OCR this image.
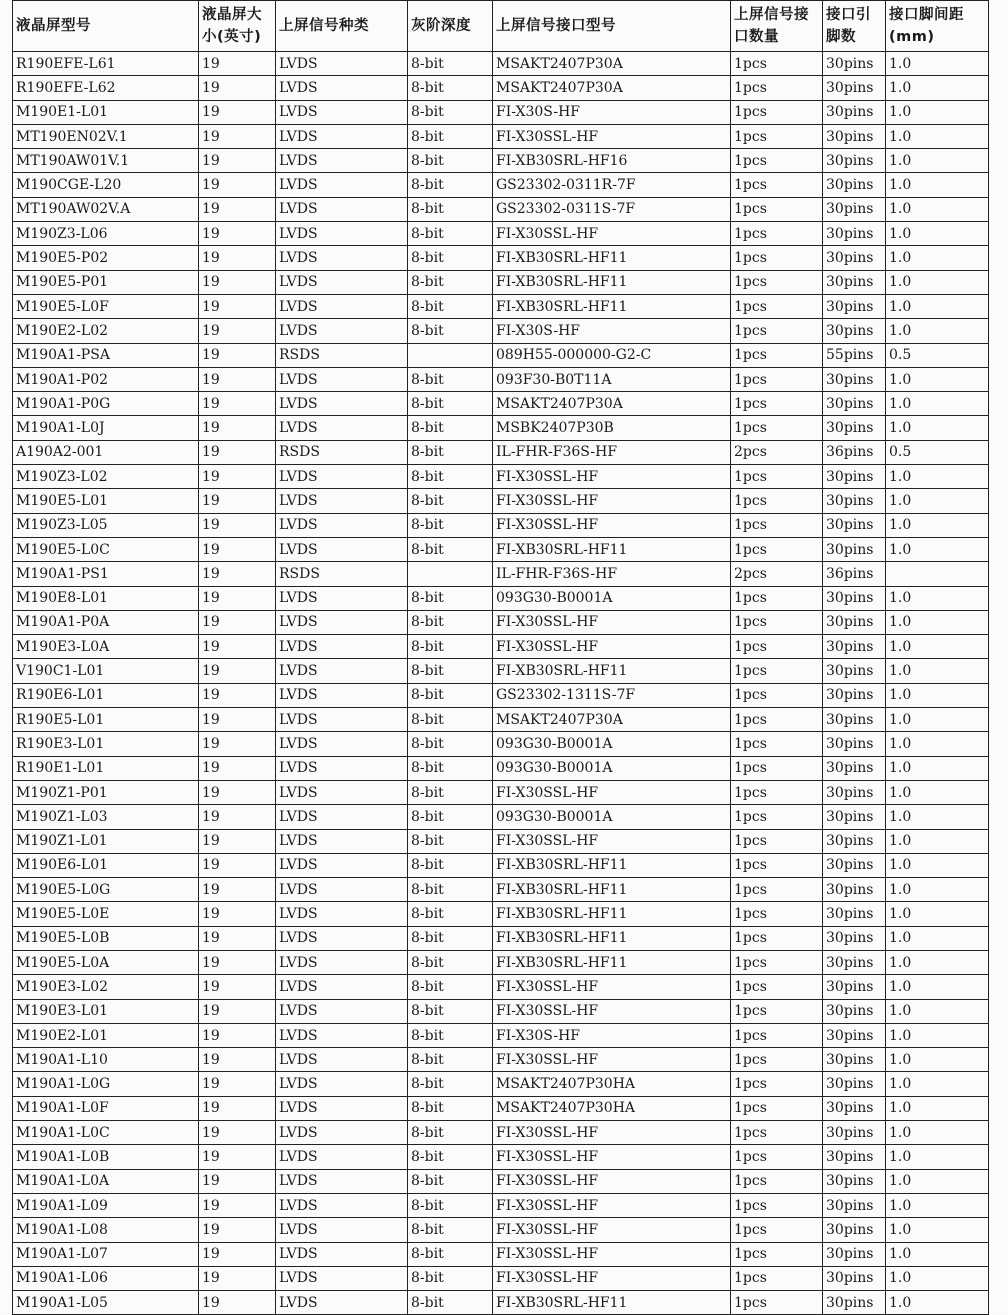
液晶屏型号	液晶屏大小(英寸)	上屏信号种类	灰阶深度	上屏信号接口型号	上屏信号接口数量	接口引脚数	接口脚间距(mm)
R190EFE-L61	19	LVDS	8-bit	MSAKT2407P30A	1pcs	30pins	1.0
R190EFE-L62	19	LVDS	8-bit	MSAKT2407P30A	1pcs	30pins	1.0
M190E1-L01	19	LVDS	8-bit	FI-X30S-HF	1pcs	30pins	1.0
MT190EN02V.1	19	LVDS	8-bit	FI-X30SSL-HF	1pcs	30pins	1.0
MT190AW01V.1	19	LVDS	8-bit	FI-XB30SRL-HF16	1pcs	30pins	1.0
M190CGE-L20	19	LVDS	8-bit	GS23302-0311R-7F	1pcs	30pins	1.0
MT190AW02V.A	19	LVDS	8-bit	GS23302-0311S-7F	1pcs	30pins	1.0
M190Z3-L06	19	LVDS	8-bit	FI-X30SSL-HF	1pcs	30pins	1.0
M190E5-P02	19	LVDS	8-bit	FI-XB30SRL-HF11	1pcs	30pins	1.0
M190E5-P01	19	LVDS	8-bit	FI-XB30SRL-HF11	1pcs	30pins	1.0
M190E5-L0F	19	LVDS	8-bit	FI-XB30SRL-HF11	1pcs	30pins	1.0
M190E2-L02	19	LVDS	8-bit	FI-X30S-HF	1pcs	30pins	1.0
M190A1-PSA	19	RSDS		089H55-000000-G2-C	1pcs	55pins	0.5
M190A1-P02	19	LVDS	8-bit	093F30-B0T11A	1pcs	30pins	1.0
M190A1-P0G	19	LVDS	8-bit	MSAKT2407P30A	1pcs	30pins	1.0
M190A1-L0J	19	LVDS	8-bit	MSBK2407P30B	1pcs	30pins	1.0
A190A2-001	19	RSDS	8-bit	IL-FHR-F36S-HF	2pcs	36pins	0.5
M190Z3-L02	19	LVDS	8-bit	FI-X30SSL-HF	1pcs	30pins	1.0
M190E5-L01	19	LVDS	8-bit	FI-X30SSL-HF	1pcs	30pins	1.0
M190Z3-L05	19	LVDS	8-bit	FI-X30SSL-HF	1pcs	30pins	1.0
M190E5-L0C	19	LVDS	8-bit	FI-XB30SRL-HF11	1pcs	30pins	1.0
M190A1-PS1	19	RSDS		IL-FHR-F36S-HF	2pcs	36pins	
M190E8-L01	19	LVDS	8-bit	093G30-B0001A	1pcs	30pins	1.0
M190A1-P0A	19	LVDS	8-bit	FI-X30SSL-HF	1pcs	30pins	1.0
M190E3-L0A	19	LVDS	8-bit	FI-X30SSL-HF	1pcs	30pins	1.0
V190C1-L01	19	LVDS	8-bit	FI-XB30SRL-HF11	1pcs	30pins	1.0
R190E6-L01	19	LVDS	8-bit	GS23302-1311S-7F	1pcs	30pins	1.0
R190E5-L01	19	LVDS	8-bit	MSAKT2407P30A	1pcs	30pins	1.0
R190E3-L01	19	LVDS	8-bit	093G30-B0001A	1pcs	30pins	1.0
R190E1-L01	19	LVDS	8-bit	093G30-B0001A	1pcs	30pins	1.0
M190Z1-P01	19	LVDS	8-bit	FI-X30SSL-HF	1pcs	30pins	1.0
M190Z1-L03	19	LVDS	8-bit	093G30-B0001A	1pcs	30pins	1.0
M190Z1-L01	19	LVDS	8-bit	FI-X30SSL-HF	1pcs	30pins	1.0
M190E6-L01	19	LVDS	8-bit	FI-XB30SRL-HF11	1pcs	30pins	1.0
M190E5-L0G	19	LVDS	8-bit	FI-XB30SRL-HF11	1pcs	30pins	1.0
M190E5-L0E	19	LVDS	8-bit	FI-XB30SRL-HF11	1pcs	30pins	1.0
M190E5-L0B	19	LVDS	8-bit	FI-XB30SRL-HF11	1pcs	30pins	1.0
M190E5-L0A	19	LVDS	8-bit	FI-XB30SRL-HF11	1pcs	30pins	1.0
M190E3-L02	19	LVDS	8-bit	FI-X30SSL-HF	1pcs	30pins	1.0
M190E3-L01	19	LVDS	8-bit	FI-X30SSL-HF	1pcs	30pins	1.0
M190E2-L01	19	LVDS	8-bit	FI-X30S-HF	1pcs	30pins	1.0
M190A1-L10	19	LVDS	8-bit	FI-X30SSL-HF	1pcs	30pins	1.0
M190A1-L0G	19	LVDS	8-bit	MSAKT2407P30HA	1pcs	30pins	1.0
M190A1-L0F	19	LVDS	8-bit	MSAKT2407P30HA	1pcs	30pins	1.0
M190A1-L0C	19	LVDS	8-bit	FI-X30SSL-HF	1pcs	30pins	1.0
M190A1-L0B	19	LVDS	8-bit	FI-X30SSL-HF	1pcs	30pins	1.0
M190A1-L0A	19	LVDS	8-bit	FI-X30SSL-HF	1pcs	30pins	1.0
M190A1-L09	19	LVDS	8-bit	FI-X30SSL-HF	1pcs	30pins	1.0
M190A1-L08	19	LVDS	8-bit	FI-X30SSL-HF	1pcs	30pins	1.0
M190A1-L07	19	LVDS	8-bit	FI-X30SSL-HF	1pcs	30pins	1.0
M190A1-L06	19	LVDS	8-bit	FI-X30SSL-HF	1pcs	30pins	1.0
M190A1-L05	19	LVDS	8-bit	FI-XB30SRL-HF11	1pcs	30pins	1.0
